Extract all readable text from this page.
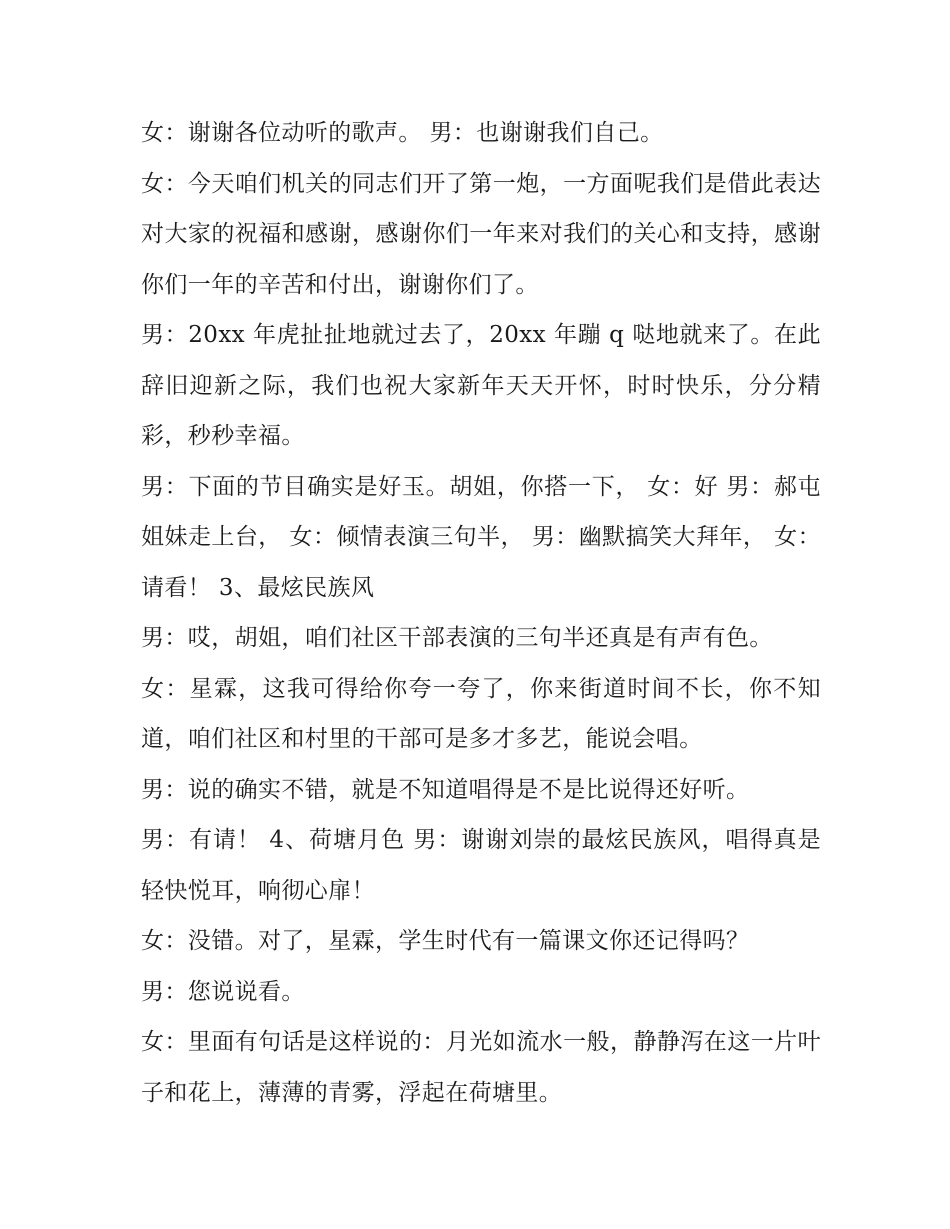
女：谢谢各位动听的歌声。 男：也谢谢我们自己。

女：今天咱们机关的同志们开了第一炮，一方面呢我们是借此表达对大家的祝福和感谢，感谢你们一年来对我们的关心和支持，感谢你们一年的辛苦和付出，谢谢你们了。

男：20xx 年虎扯扯地就过去了，20xx 年蹦 q 哒地就来了。在此辞旧迎新之际，我们也祝大家新年天天开怀，时时快乐，分分精彩，秒秒幸福。

男：下面的节目确实是好玉。胡姐，你搭一下， 女：好 男：郝屯姐妹走上台， 女：倾情表演三句半， 男：幽默搞笑大拜年， 女：请看！ 3、最炫民族风

男：哎，胡姐，咱们社区干部表演的三句半还真是有声有色。

女：星霖，这我可得给你夸一夸了，你来街道时间不长，你不知道，咱们社区和村里的干部可是多才多艺，能说会唱。

男：说的确实不错，就是不知道唱得是不是比说得还好听。

男：有请！ 4、荷塘月色 男：谢谢刘崇的最炫民族风，唱得真是轻快悦耳，响彻心扉！

女：没错。对了，星霖，学生时代有一篇课文你还记得吗？

男：您说说看。

女：里面有句话是这样说的：月光如流水一般，静静泻在这一片叶子和花上，薄薄的青雾，浮起在荷塘里。
